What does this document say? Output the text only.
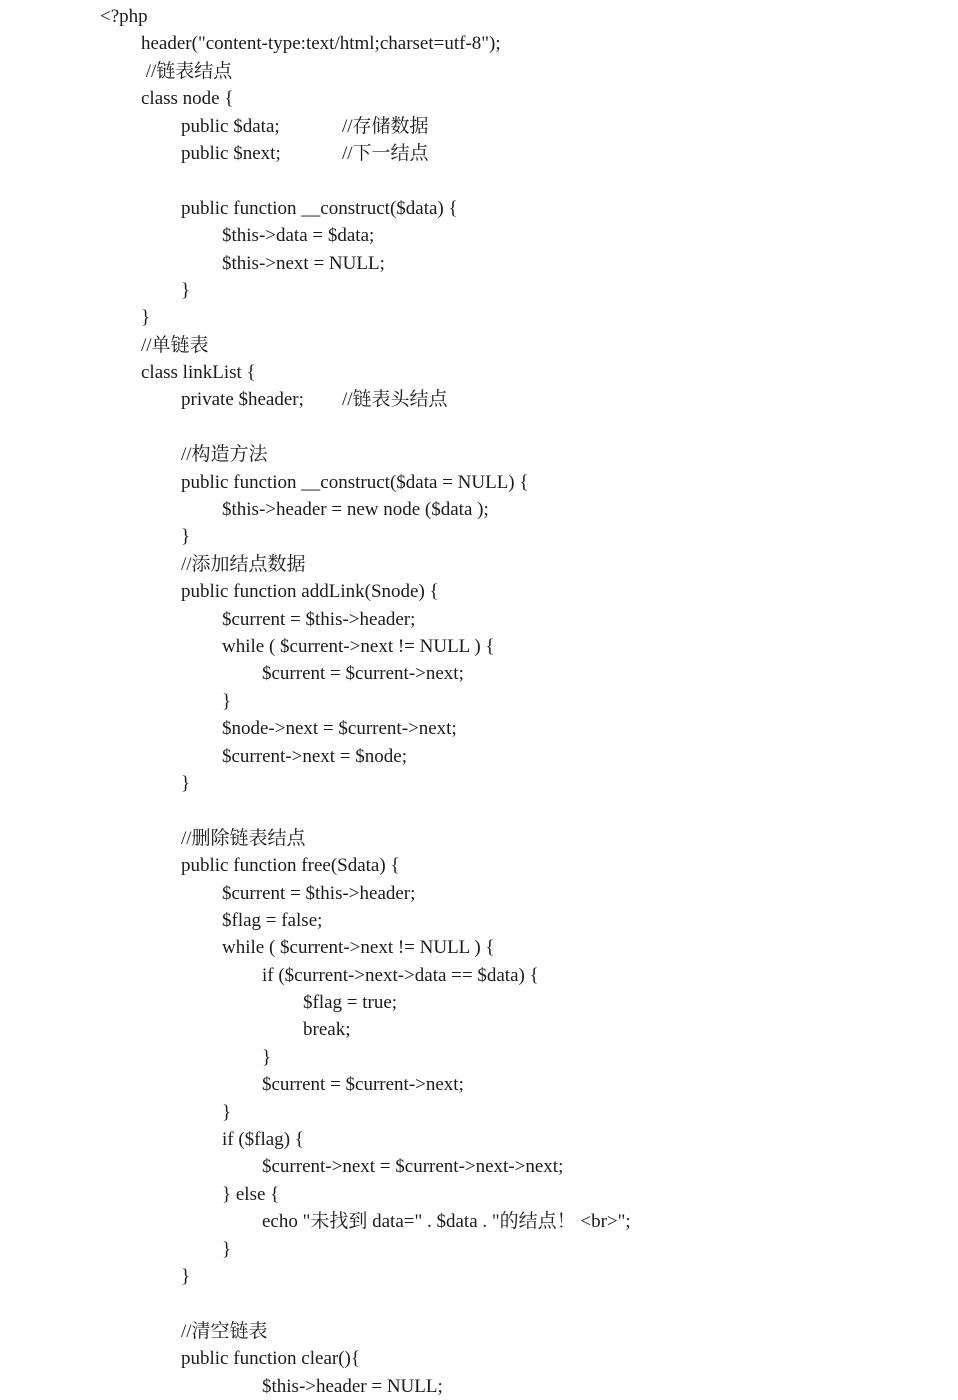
<?php
header("content-type:text/html;charset=utf-8");
//链表结点
class node {
public $data;	//存储数据
public $next;	//下一结点
public function __construct($data) {
$this->data = $data;
$this->next = NULL;
}
}
//单链表
class linkList {
private $header; //链表头结点
//构造方法
public function __construct($data = NULL) {
$this->header = new node ($data );
}
//添加结点数据
public function addLink(Snode) {
$current = $this->header;
while ( $current->next != NULL ) {
$current = $current->next;
}
$node->next = $current->next;
$current->next = $node;
}
//删除链表结点
public function free(Sdata) {
$current = $this->header;
$flag = false;
while ( $current->next != NULL ) {
if ($current->next->data == $data) {
$flag = true;
break;
}
$current = $current->next;
}
if ($flag) {
$current->next = $current->next->next;
} else {
echo "未找到 data=" . $data . "的结点！ <br>";
}
}
//清空链表
public function clear(){
$this->header = NULL;
